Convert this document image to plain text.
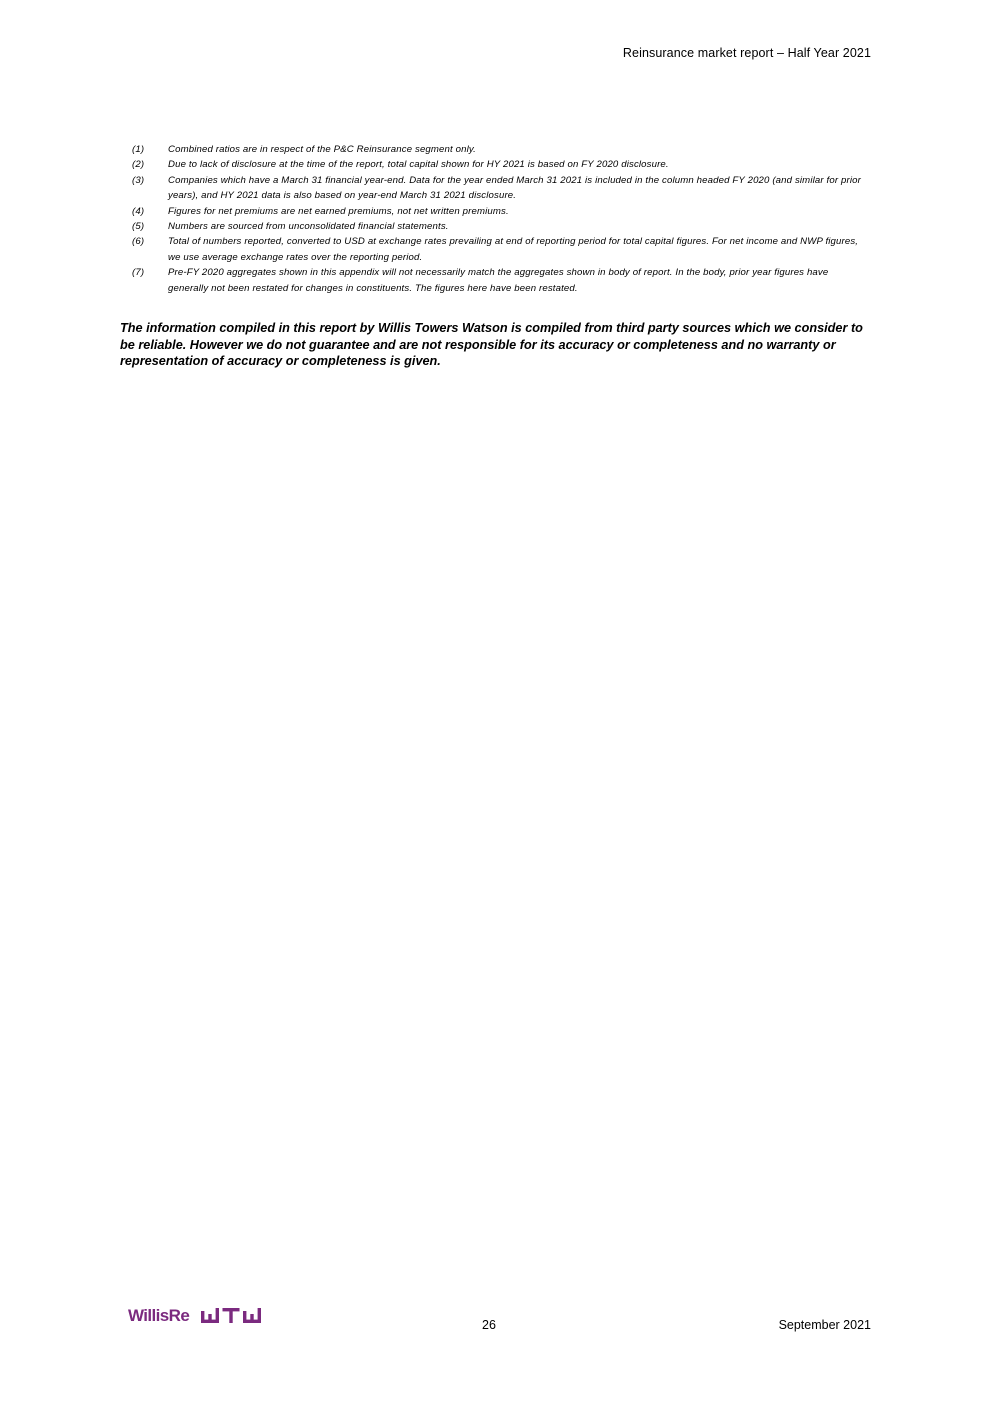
Reinsurance market report – Half Year 2021
(1)	Combined ratios are in respect of the P&C Reinsurance segment only.
(2)	Due to lack of disclosure at the time of the report, total capital shown for HY 2021 is based on FY 2020 disclosure.
(3)	Companies which have a March 31 financial year-end. Data for the year ended March 31 2021 is included in the column headed FY 2020 (and similar for prior years), and HY 2021 data is also based on year-end March 31 2021 disclosure.
(4)	Figures for net premiums are net earned premiums, not net written premiums.
(5)	Numbers are sourced from unconsolidated financial statements.
(6)	Total of numbers reported, converted to USD at exchange rates prevailing at end of reporting period for total capital figures. For net income and NWP figures, we use average exchange rates over the reporting period.
(7)	Pre-FY 2020 aggregates shown in this appendix will not necessarily match the aggregates shown in body of report. In the body, prior year figures have generally not been restated for changes in constituents. The figures here have been restated.

The information compiled in this report by Willis Towers Watson is compiled from third party sources which we consider to be reliable. However we do not guarantee and are not responsible for its accuracy or completeness and no warranty or representation of accuracy or completeness is given.

WillisRe	26	September 2021
